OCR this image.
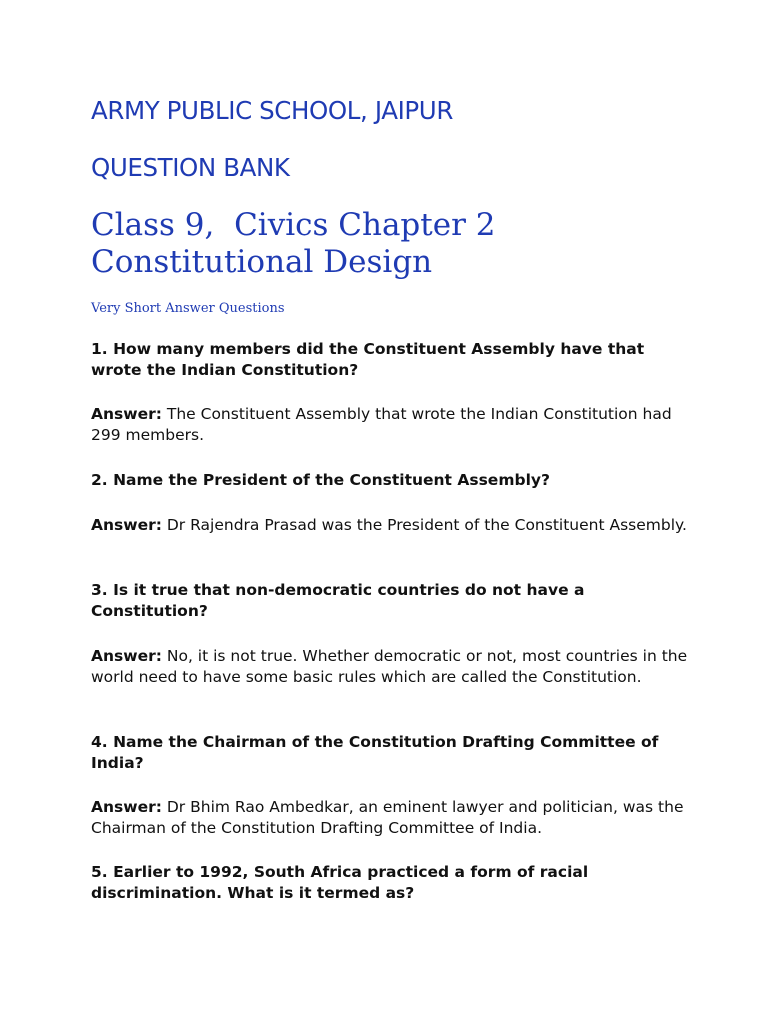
ARMY PUBLIC SCHOOL, JAIPUR
QUESTION BANK
Class 9,  Civics Chapter 2
Constitutional Design

Very Short Answer Questions

1. How many members did the Constituent Assembly have that wrote the Indian Constitution?

Answer: The Constituent Assembly that wrote the Indian Constitution had 299 members.

2. Name the President of the Constituent Assembly?

Answer: Dr Rajendra Prasad was the President of the Constituent Assembly.

3. Is it true that non-democratic countries do not have a Constitution?

Answer: No, it is not true. Whether democratic or not, most countries in the world need to have some basic rules which are called the Constitution.

4. Name the Chairman of the Constitution Drafting Committee of India?

Answer: Dr Bhim Rao Ambedkar, an eminent lawyer and politician, was the Chairman of the Constitution Drafting Committee of India.

5. Earlier to 1992, South Africa practiced a form of racial discrimination. What is it termed as?
